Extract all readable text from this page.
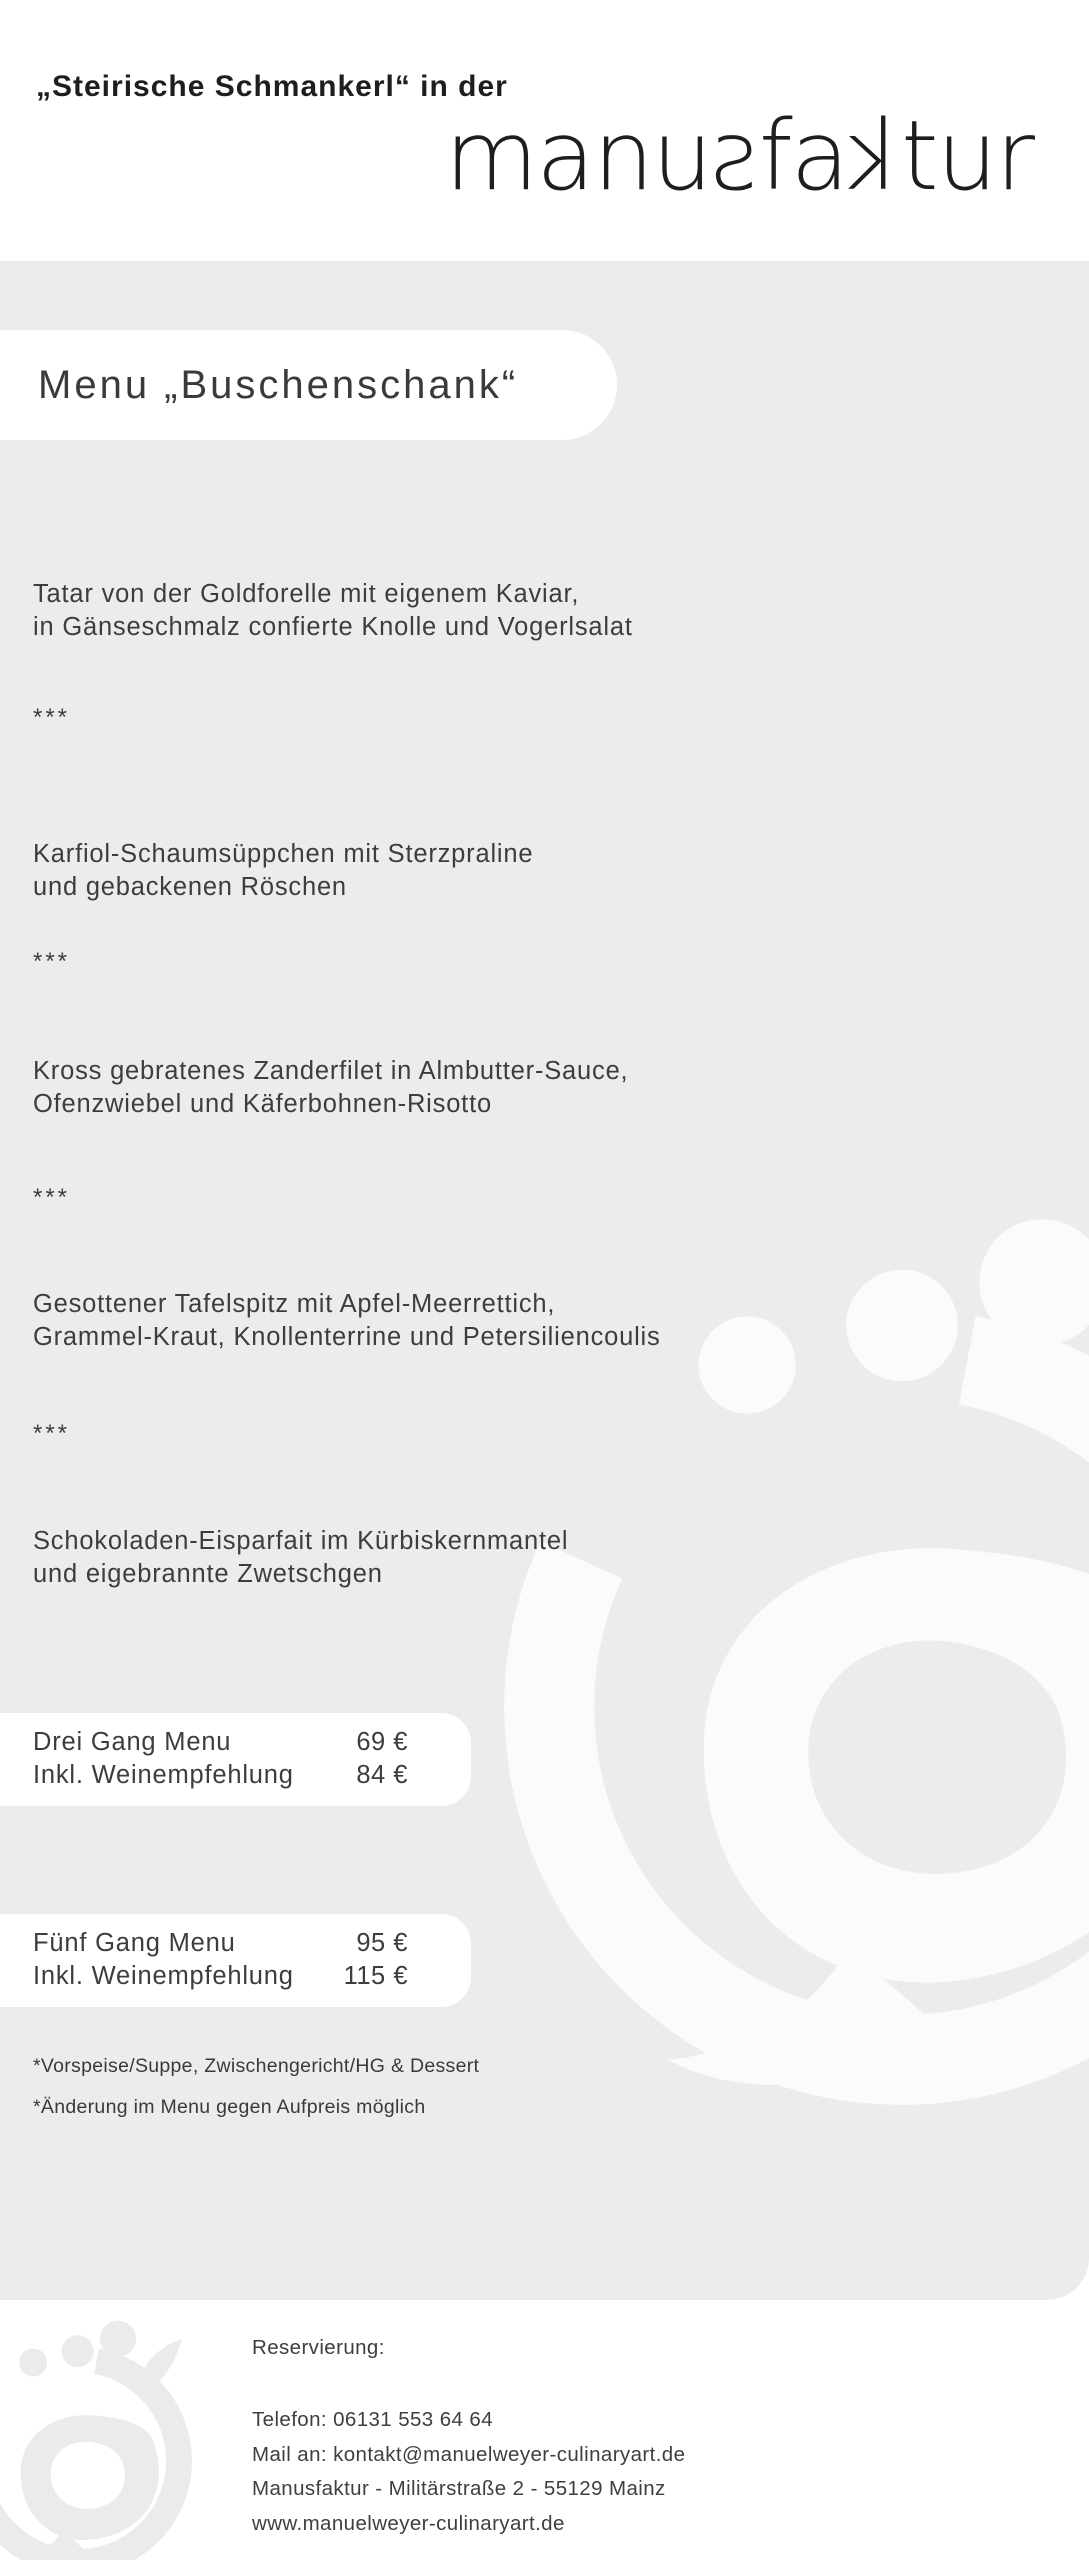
„Steirische Schmankerl“ in der
manusfaktur
Menu „Buschenschank“

Tatar von der Goldforelle mit eigenem Kaviar,

in Gänseschmalz confierte Knolle und Vogerlsalat

***

Karfiol-Schaumsüppchen mit Sterzpraline

und gebackenen Röschen

***

Kross gebratenes Zanderfilet in Almbutter-Sauce,

Ofenzwiebel und Käferbohnen-Risotto

***

Gesottener Tafelspitz mit Apfel-Meerrettich,

Grammel-Kraut, Knollenterrine und Petersiliencoulis

***

Schokoladen-Eisparfait im Kürbiskernmantel

und eigebrannte Zwetschgen

Drei Gang Menu	69 €
Inkl. Weinempfehlung	84 €
Fünf Gang Menu	95 €
Inkl. Weinempfehlung	115 €
*Vorspeise/Suppe, Zwischengericht/HG & Dessert
*Änderung im Menu gegen Aufpreis möglich
Reservierung:
Telefon: 06131 553 64 64
Mail an: kontakt@manuelweyer-culinaryart.de
Manusfaktur - Militärstraße 2 - 55129 Mainz
www.manuelweyer-culinaryart.de
